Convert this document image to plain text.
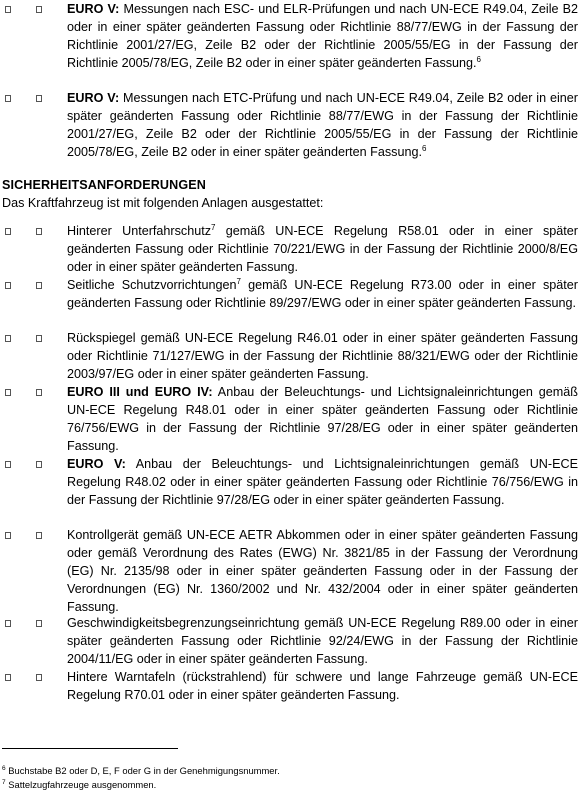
EURO V: Messungen nach ESC- und ELR-Prüfungen und nach UN-ECE R49.04, Zeile B2 oder in einer später geänderten Fassung oder Richtlinie 88/77/EWG in der Fassung der Richtlinie 2001/27/EG, Zeile B2 oder der Richtlinie 2005/55/EG in der Fassung der Richtlinie 2005/78/EG, Zeile B2 oder in einer später geänderten Fassung.$^6$
EURO V: Messungen nach ETC-Prüfung und nach UN-ECE R49.04, Zeile B2 oder in einer später geänderten Fassung oder Richtlinie 88/77/EWG in der Fassung der Richtlinie 2001/27/EG, Zeile B2 oder der Richtlinie 2005/55/EG in der Fassung der Richtlinie 2005/78/EG, Zeile B2 oder in einer später geänderten Fassung.$^6$
SICHERHEITSANFORDERUNGEN
Das Kraftfahrzeug ist mit folgenden Anlagen ausgestattet:
Hinterer Unterfahrschutz$^7$ gemäß UN-ECE Regelung R58.01 oder in einer später geänderten Fassung oder Richtlinie 70/221/EWG in der Fassung der Richtlinie 2000/8/EG oder in einer später geänderten Fassung.
Seitliche Schutzvorrichtungen$^7$ gemäß UN-ECE Regelung R73.00 oder in einer später geänderten Fassung oder Richtlinie 89/297/EWG oder in einer später geänderten Fassung.
Rückspiegel gemäß UN-ECE Regelung R46.01 oder in einer später geänderten Fassung oder Richtlinie 71/127/EWG in der Fassung der Richtlinie 88/321/EWG oder der Richtlinie 2003/97/EG oder in einer später geänderten Fassung.
EURO III und EURO IV: Anbau der Beleuchtungs- und Lichtsignaleinrichtungen gemäß UN-ECE Regelung R48.01 oder in einer später geänderten Fassung oder Richtlinie 76/756/EWG in der Fassung der Richtlinie 97/28/EG oder in einer später geänderten Fassung.
EURO V: Anbau der Beleuchtungs- und Lichtsignaleinrichtungen gemäß UN-ECE Regelung R48.02 oder in einer später geänderten Fassung oder Richtlinie 76/756/EWG in der Fassung der Richtlinie 97/28/EG oder in einer später geänderten Fassung.
Kontrollgerät gemäß UN-ECE AETR Abkommen oder in einer später geänderten Fassung oder gemäß Verordnung des Rates (EWG) Nr. 3821/85 in der Fassung der Verordnung (EG) Nr. 2135/98 oder in einer später geänderten Fassung oder in der Fassung der Verordnungen (EG) Nr. 1360/2002 und Nr. 432/2004 oder in einer später geänderten Fassung.
Geschwindigkeitsbegrenzungseinrichtung gemäß UN-ECE Regelung R89.00 oder in einer später geänderten Fassung oder Richtlinie 92/24/EWG in der Fassung der Richtlinie 2004/11/EG oder in einer später geänderten Fassung.
Hintere Warntafeln (rückstrahlend) für schwere und lange Fahrzeuge gemäß UN-ECE Regelung R70.01 oder in einer später geänderten Fassung.
$^6$ Buchstabe B2 oder D, E, F oder G in der Genehmigungsnummer.
$^7$ Sattelzugfahrzeuge ausgenommen.
